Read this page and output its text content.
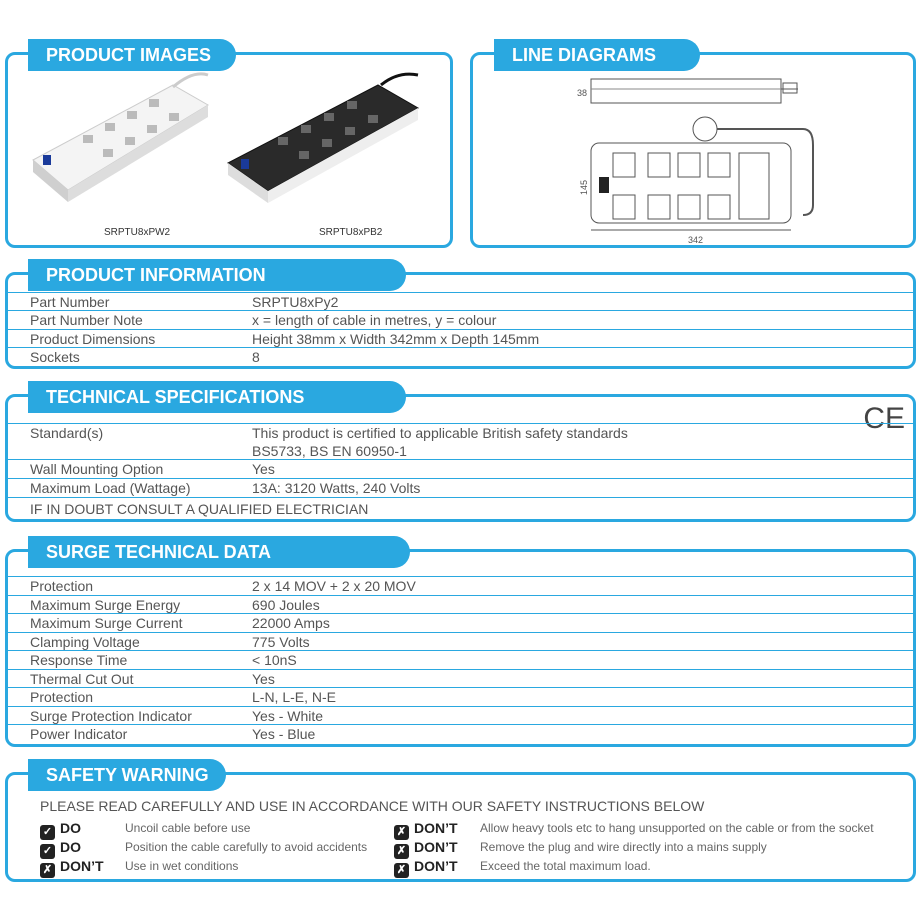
SRPTU8xPW2	SRPTU8xPB2
PRODUCT IMAGES
38
145
342
LINE DIAGRAMS
Part Number	SRPTU8xPy2
Part Number Note	x = length of cable in metres, y = colour
Product Dimensions	Height 38mm x Width 342mm x Depth 145mm
Sockets	8
PRODUCT INFORMATION
CE
Standard(s)	This product is certified to applicable British safety standards
BS5733, BS EN 60950-1
Wall Mounting Option	Yes
Maximum Load (Wattage)	13A: 3120 Watts, 240 Volts
IF IN DOUBT CONSULT A QUALIFIED ELECTRICIAN
TECHNICAL SPECIFICATIONS
Protection	2 x 14 MOV + 2 x 20 MOV
Maximum Surge Energy	690 Joules
Maximum Surge Current	22000 Amps
Clamping Voltage	775 Volts
Response Time	< 10nS
Thermal Cut Out	Yes
Protection	L-N, L-E, N-E
Surge Protection Indicator	Yes - White
Power Indicator	Yes - Blue
SURGE TECHNICAL DATA
PLEASE READ CAREFULLY AND USE IN ACCORDANCE WITH OUR SAFETY INSTRUCTIONS BELOW
✓ DO	Uncoil cable before use
✓ DO	Position the cable carefully to avoid accidents
✗ DON’T Use in wet conditions
✗ DON’T Allow heavy tools etc to hang unsupported on the cable or from the socket
✗ DON’T Remove the plug and wire directly into a mains supply
✗ DON’T Exceed the total maximum load.
SAFETY WARNING
